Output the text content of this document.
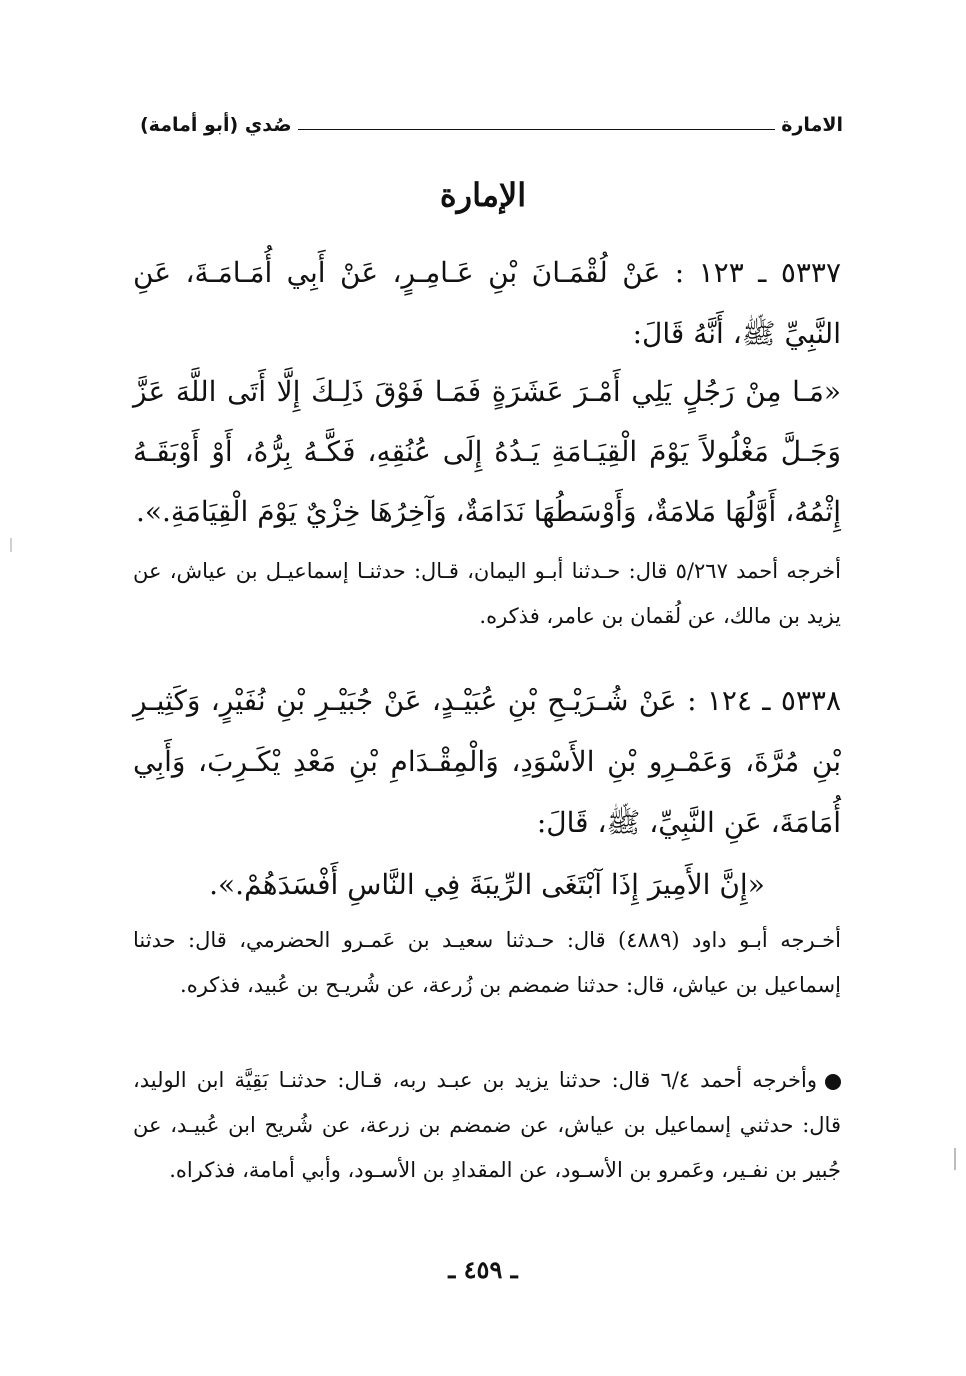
الامارة
صُدي (أبو أمامة)
الإمارة
٥٣٣٧ ـ ١٢٣ : عَنْ لُقْمَـانَ بْنِ عَـامِـرٍ، عَنْ أَبِي أُمَـامَـةَ، عَنِ النَّبِيِّ ﷺ، أَنَّهُ قَالَ:
«مَـا مِنْ رَجُلٍ يَلِي أَمْـرَ عَشَرَةٍ فَمَـا فَوْقَ ذَلِـكَ إِلَّا أَتَى اللَّهَ عَزَّ وَجَـلَّ مَغْلُولاً يَوْمَ الْقِيَـامَةِ يَـدُهُ إِلَى عُنُقِهِ، فَكَّـهُ بِرُّهُ، أَوْ أَوْبَقَـهُ إِثْمُهُ، أَوَّلُهَا مَلامَةٌ، وَأَوْسَطُهَا نَدَامَةٌ، وَآخِرُهَا خِزْيٌ يَوْمَ الْقِيَامَةِ.».
أخرجه أحمد ٥/٢٦٧ قال: حـدثنا أبـو اليمان، قـال: حدثنـا إسماعيـل بن عياش، عن يزيد بن مالك، عن لُقمان بن عامر، فذكره.
٥٣٣٨ ـ ١٢٤ : عَنْ شُـرَيْـحِ بْنِ عُبَيْـدٍ، عَنْ جُبَيْـرِ بْنِ نُفَيْرٍ، وَكَثِيـرِ بْنِ مُرَّةَ، وَعَمْـرِو بْنِ الأَسْوَدِ، وَالْمِقْـدَامِ بْنِ مَعْدِ يْكَـرِبَ، وَأَبِي أُمَامَةَ، عَنِ النَّبِيِّ، ﷺ، قَالَ:
«إِنَّ الأَمِيرَ إِذَا آبْتَغَى الرِّيبَةَ فِي النَّاسِ أَفْسَدَهُمْ.».
أخـرجه أبـو داود (٤٨٨٩) قال: حـدثنا سعيـد بن عَمـرو الحضرمي، قال: حدثنا إسماعيل بن عياش، قال: حدثنا ضمضم بن زُرعة، عن شُريـح بن عُبيد، فذكره.
وأخرجه أحمد ٦/٤ قال: حدثنا يزيد بن عبـد ربه، قـال: حدثنـا بَقِيَّة ابن الوليد، قال: حدثني إسماعيل بن عياش، عن ضمضم بن زرعة، عن شُريح ابن عُبيـد، عن جُبير بن نفـير، وعَمرو بن الأسـود، عن المقدادِ بن الأسـود، وأبي أمامة، فذكراه.
ـ ٤٥٩ ـ
